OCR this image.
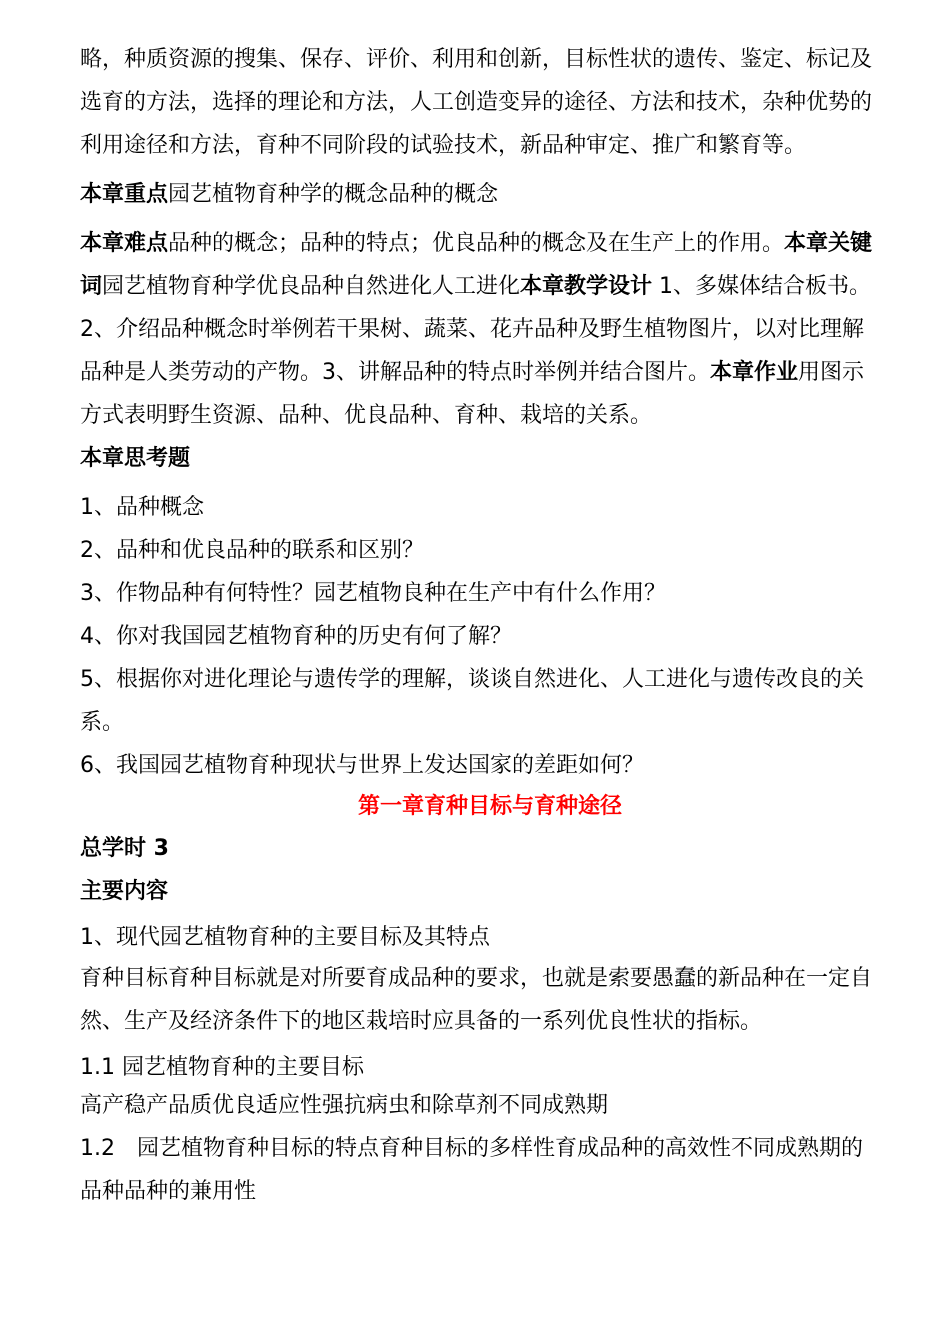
略，种质资源的搜集、保存、评价、利用和创新，目标性状的遗传、鉴定、标记及选育的方法，选择的理论和方法，人工创造变异的途径、方法和技术，杂种优势的利用途径和方法，育种不同阶段的试验技术，新品种审定、推广和繁育等。

本章重点园艺植物育种学的概念品种的概念

本章难点品种的概念；品种的特点；优良品种的概念及在生产上的作用。本章关键词园艺植物育种学优良品种自然进化人工进化本章教学设计 1、多媒体结合板书。2、介绍品种概念时举例若干果树、蔬菜、花卉品种及野生植物图片，以对比理解品种是人类劳动的产物。3、讲解品种的特点时举例并结合图片。本章作业用图示方式表明野生资源、品种、优良品种、育种、栽培的关系。

本章思考题

1、品种概念

2、品种和优良品种的联系和区别？

3、作物品种有何特性？园艺植物良种在生产中有什么作用？

4、你对我国园艺植物育种的历史有何了解？

5、根据你对进化理论与遗传学的理解，谈谈自然进化、人工进化与遗传改良的关系。

6、我国园艺植物育种现状与世界上发达国家的差距如何？

第一章育种目标与育种途径

总学时 3

主要内容

1、现代园艺植物育种的主要目标及其特点

育种目标育种目标就是对所要育成品种的要求，也就是索要愚蠢的新品种在一定自然、生产及经济条件下的地区栽培时应具备的一系列优良性状的指标。

1.1 园艺植物育种的主要目标

高产稳产品质优良适应性强抗病虫和除草剂不同成熟期

1.2　园艺植物育种目标的特点育种目标的多样性育成品种的高效性不同成熟期的品种品种的兼用性
